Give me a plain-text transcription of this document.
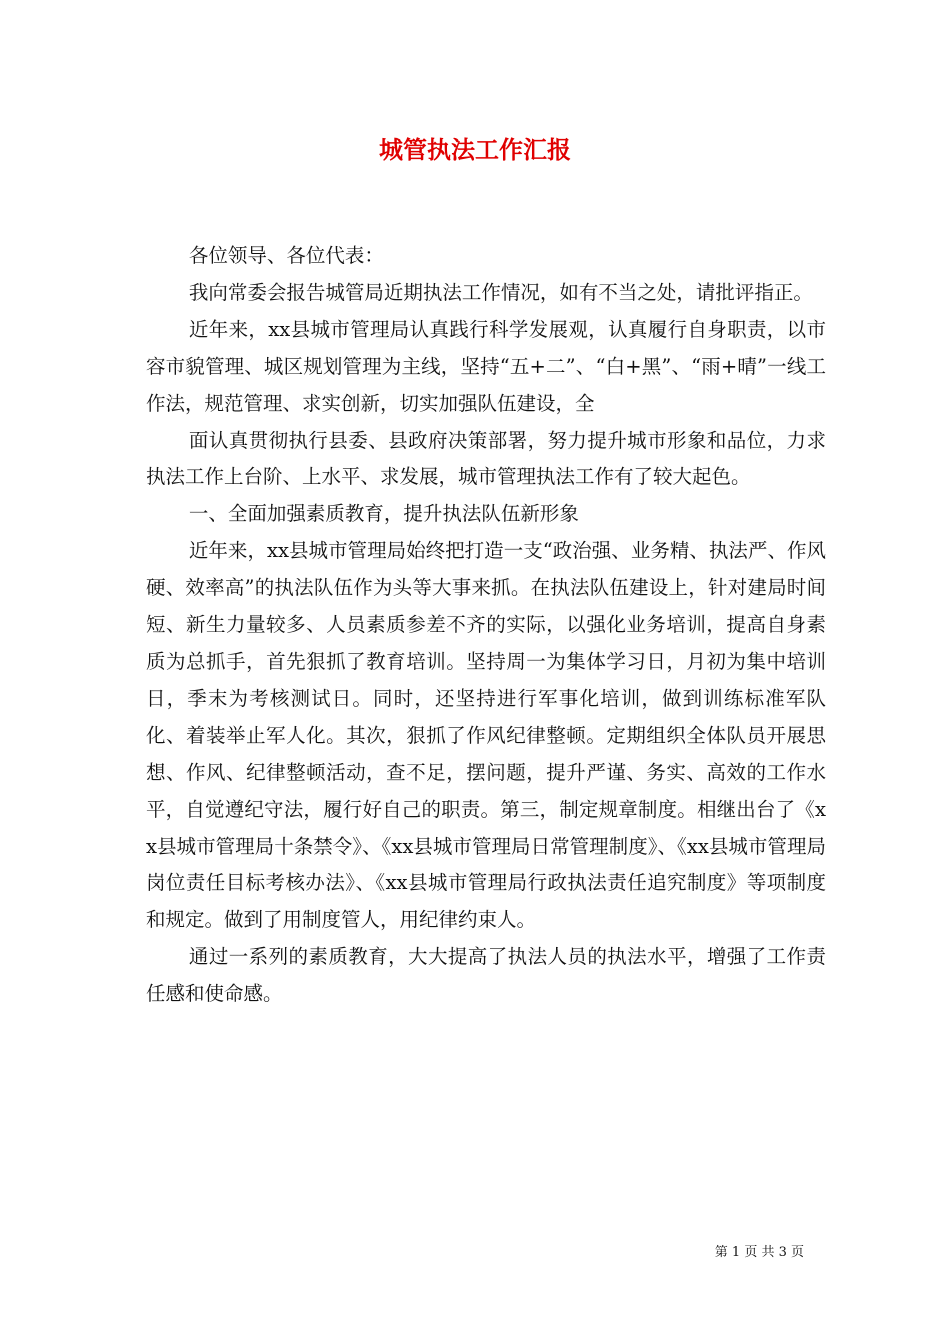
城管执法工作汇报

各位领导、各位代表：

我向常委会报告城管局近期执法工作情况，如有不当之处，请批评指正。

近年来，xx县城市管理局认真践行科学发展观，认真履行自身职责，以市容市貌管理、城区规划管理为主线，坚持“五+二”、“白+黑”、“雨+晴”一线工作法，规范管理、求实创新，切实加强队伍建设，全

面认真贯彻执行县委、县政府决策部署，努力提升城市形象和品位，力求执法工作上台阶、上水平、求发展，城市管理执法工作有了较大起色。

一、全面加强素质教育，提升执法队伍新形象

近年来，xx县城市管理局始终把打造一支“政治强、业务精、执法严、作风硬、效率高”的执法队伍作为头等大事来抓。在执法队伍建设上，针对建局时间短、新生力量较多、人员素质参差不齐的实际，以强化业务培训，提高自身素质为总抓手，首先狠抓了教育培训。坚持周一为集体学习日，月初为集中培训日，季末为考核测试日。同时，还坚持进行军事化培训，做到训练标准军队化、着装举止军人化。其次，狠抓了作风纪律整顿。定期组织全体队员开展思想、作风、纪律整顿活动，查不足，摆问题，提升严谨、务实、高效的工作水平，自觉遵纪守法，履行好自己的职责。第三，制定规章制度。相继出台了《xx县城市管理局十条禁令》、《xx县城市管理局日常管理制度》、《xx县城市管理局岗位责任目标考核办法》、《xx县城市管理局行政执法责任追究制度》等项制度和规定。做到了用制度管人，用纪律约束人。

通过一系列的素质教育，大大提高了执法人员的执法水平，增强了工作责任感和使命感。

第 1 页 共 3 页
